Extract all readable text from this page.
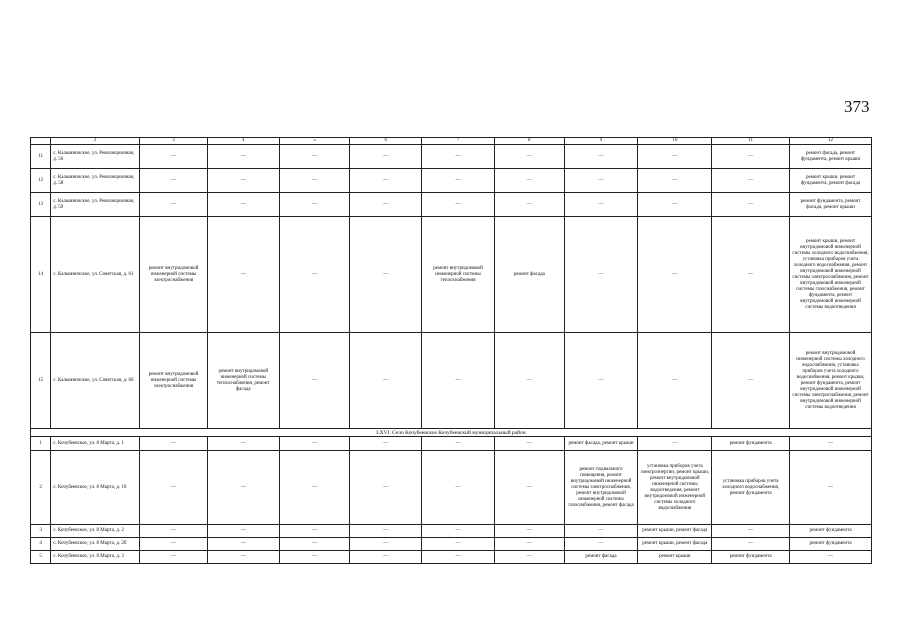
373
	2	3	4	5	6	7	8	9	10	11	12
11	с. Калымничское, ул. Революционная, д. 56	—	—	—	—	—	—	—	—	—	ремонт фасада, ремонт фундамента, ремонт крыши
12	с. Калымничское, ул. Революционная, д. 58	—	—	—	—	—	—	—	—	—	ремонт крыши, ремонт фундамента, ремонт фасада
13	с. Калымничское, ул. Революционная, д. 59	—	—	—	—	—	—	—	—	—	ремонт фундамента, ремонт фасада, ремонт крыши
14	с. Калымничское, ул. Советская, д. 61	ремонт внутридомовой инженерной системы электроснабжения	—	—	—	ремонт внутридомовой инженерной системы теплоснабжения	ремонт фасада	—	—	—	ремонт крыши, ремонт внутридомовой инженерной системы холодного водоснабжения, установка приборов учета холодного водоснабжения, ремонт внутридомовой инженерной системы электроснабжения, ремонт внутридомовой инженерной системы газоснабжения, ремонт фундамента, ремонт внутридомовой инженерной системы водоотведения
15	с. Калымничское, ул. Советская, д. 66	ремонт внутридомовой инженерной системы электроснабжения	ремонт внутридомовой инженерной системы теплоснабжения, ремонт фасада	—	—	—	—	—	—	—	ремонт внутридомовой инженерной системы холодного водоснабжения, установка приборов учета холодного водоснабжения, ремонт крыши, ремонт фундамента, ремонт внутридомовой инженерной системы электроснабжения, ремонт внутридомовой инженерной системы водоотведения
LXVI. Село Кочубеевское Кочубеевский муниципальный район											
1	с. Кочубеевское, ул. 8 Марта, д. 1	—	—	—	—	—	—	ремонт фасада, ремонт крыши	—	ремонт фундамента	—
2	с. Кочубеевское, ул. 8 Марта, д. 10	—	—	—	—	—	—	ремонт подвального помещения, ремонт внутридомовой инженерной системы электроснабжения, ремонт внутридомовой инженерной системы газоснабжения, ремонт фасада	установка приборов учета электроэнергии, ремонт крыши, ремонт внутридомовой инженерной системы водоотведения, ремонт внутридомовой инженерной системы холодного водоснабжения	установка приборов учета холодного водоснабжения, ремонт фундамента	—
3	с. Кочубеевское, ул. 8 Марта, д. 2	—	—	—	—	—	—	—	ремонт крыши, ремонт фасада	—	ремонт фундамента
4	с. Кочубеевское, ул. 8 Марта, д. 2б	—	—	—	—	—	—	—	ремонт крыши, ремонт фасада	—	ремонт фундамента
5	с. Кочубеевское, ул. 8 Марта, д. 3	—	—	—	—	—	—	ремонт фасада	ремонт крыши	ремонт фундамента	—
